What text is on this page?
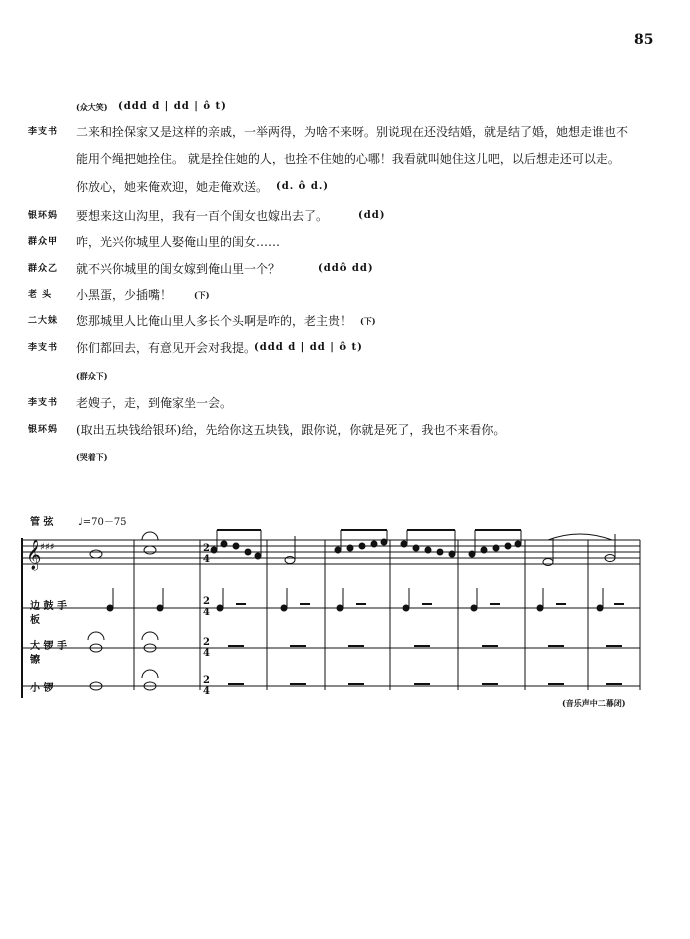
85
(众大笑) (ddd d | dd | ô t)
李支书	二来和拴保家又是这样的亲戚，一举两得，为啥不来呀。别说现在还没结婚，就是结了婚，她想走谁也不
能用个绳把她拴住。 就是拴住她的人，也拴不住她的心哪！我看就叫她住这儿吧，以后想走还可以走。
你放心，她来俺欢迎，她走俺欢送。 (d. ô d.)
银环妈	要想来这山沟里，我有一百个闺女也嫁出去了。	(dd)
群众甲	咋，光兴你城里人娶俺山里的闺女……
群众乙	就不兴你城里的闺女嫁到俺山里一个？	(ddô dd)
老 头	小黑蛋，少插嘴！	(下)
二大妹	您那城里人比俺山里人多长个头啊是咋的，老主贵！ (下)
李支书	你们都回去，有意见开会对我提。
(ddd d | dd | ô t)
(群众下)
李支书	老嫂子，走，到俺家坐一会。
银环妈	(取出五块钱给银环)给，先给你这五块钱，跟你说，你就是死了，我也不来看你。
(哭着下)
管 弦 ♩=70－75
𝄞
♯♯♯	2
4
2
4
2
4
2
4
边 鼓 手 板
大 锣 手 镲
小 锣
(音乐声中二幕闭)
